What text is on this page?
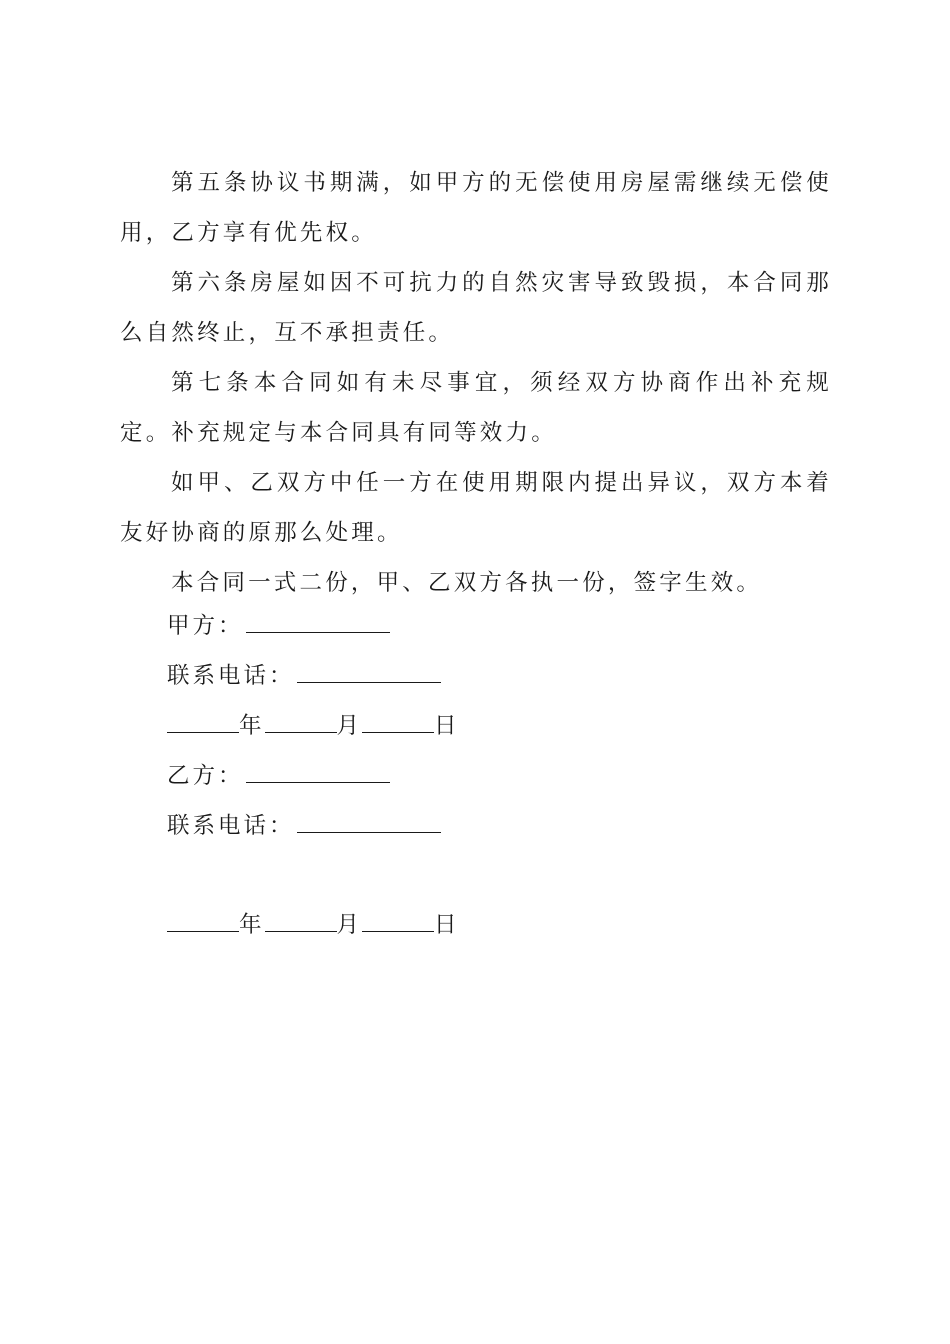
第五条协议书期满，如甲方的无偿使用房屋需继续无偿使用，乙方享有优先权。

第六条房屋如因不可抗力的自然灾害导致毁损，本合同那么自然终止，互不承担责任。

第七条本合同如有未尽事宜，须经双方协商作出补充规定。补充规定与本合同具有同等效力。

如甲、乙双方中任一方在使用期限内提出异议，双方本着友好协商的原那么处理。

本合同一式二份，甲、乙双方各执一份，签字生效。

甲方：
联系电话：
年	月	日
乙方：
联系电话：
年	月	日
